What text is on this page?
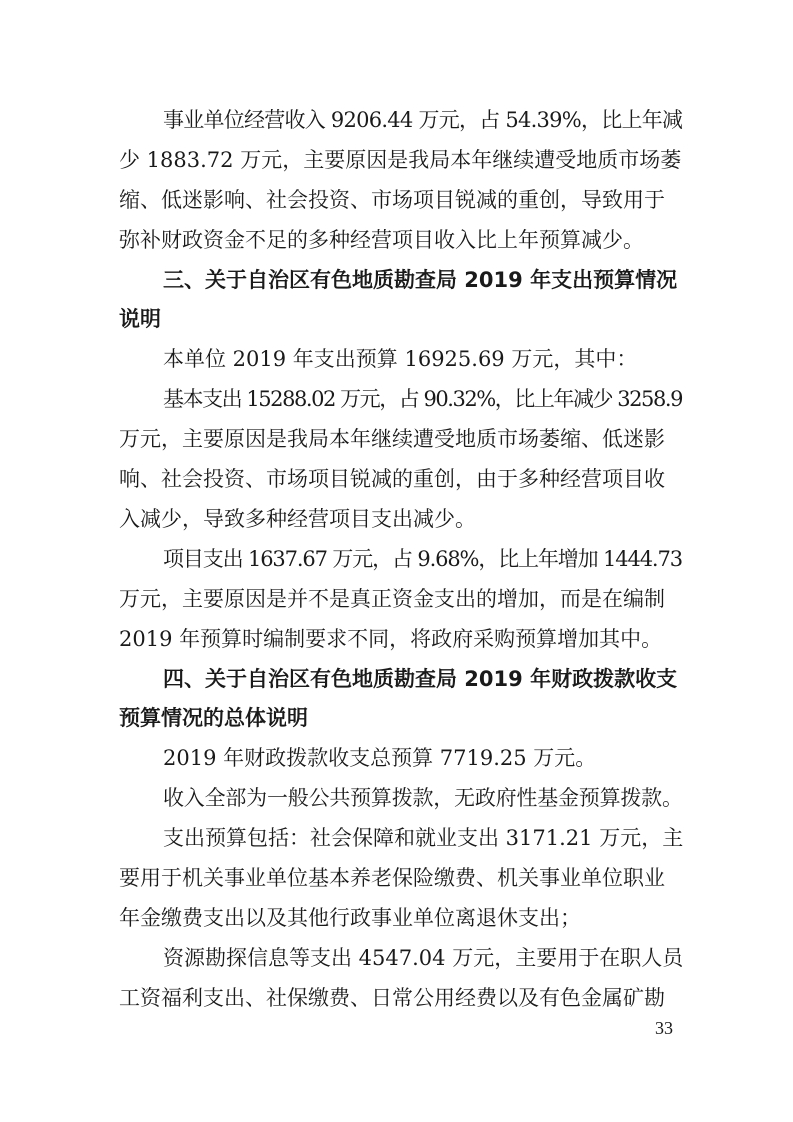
事业单位经营收入 9206.44 万元，占 54.39%，比上年减
少 1883.72 万元，主要原因是我局本年继续遭受地质市场萎
缩、低迷影响、社会投资、市场项目锐减的重创，导致用于
弥补财政资金不足的多种经营项目收入比上年预算减少。
三、关于自治区有色地质勘查局 2019 年支出预算情况
说明
本单位 2019 年支出预算 16925.69 万元，其中：
基本支出 15288.02 万元，占 90.32%，比上年减少 3258.9
万元，主要原因是我局本年继续遭受地质市场萎缩、低迷影
响、社会投资、市场项目锐减的重创，由于多种经营项目收
入减少，导致多种经营项目支出减少。
项目支出 1637.67 万元，占 9.68%，比上年增加 1444.73
万元，主要原因是并不是真正资金支出的增加，而是在编制
2019 年预算时编制要求不同，将政府采购预算增加其中。
四、关于自治区有色地质勘查局 2019 年财政拨款收支
预算情况的总体说明
2019 年财政拨款收支总预算 7719.25 万元。
收入全部为一般公共预算拨款，无政府性基金预算拨款。
支出预算包括：社会保障和就业支出 3171.21 万元，主
要用于机关事业单位基本养老保险缴费、机关事业单位职业
年金缴费支出以及其他行政事业单位离退休支出；
资源勘探信息等支出 4547.04 万元，主要用于在职人员
工资福利支出、社保缴费、日常公用经费以及有色金属矿勘
33
